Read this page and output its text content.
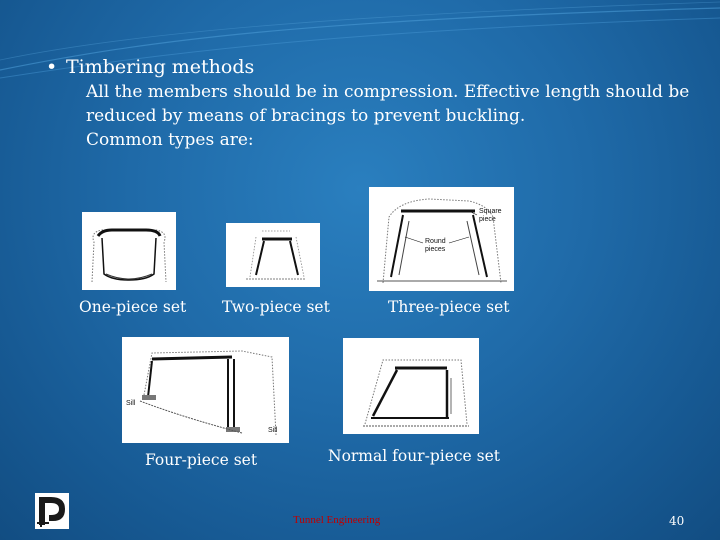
• Timbering methods
All the members should be in compression. Effective length should be
reduced by means of bracings to prevent buckling.
Common types are:
One-piece set Two-piece set
Square
piece
Round
pieces
Three-piece set
Sill
Sill
Four-piece set	Normal four-piece set
Tunnel Engineering	40
